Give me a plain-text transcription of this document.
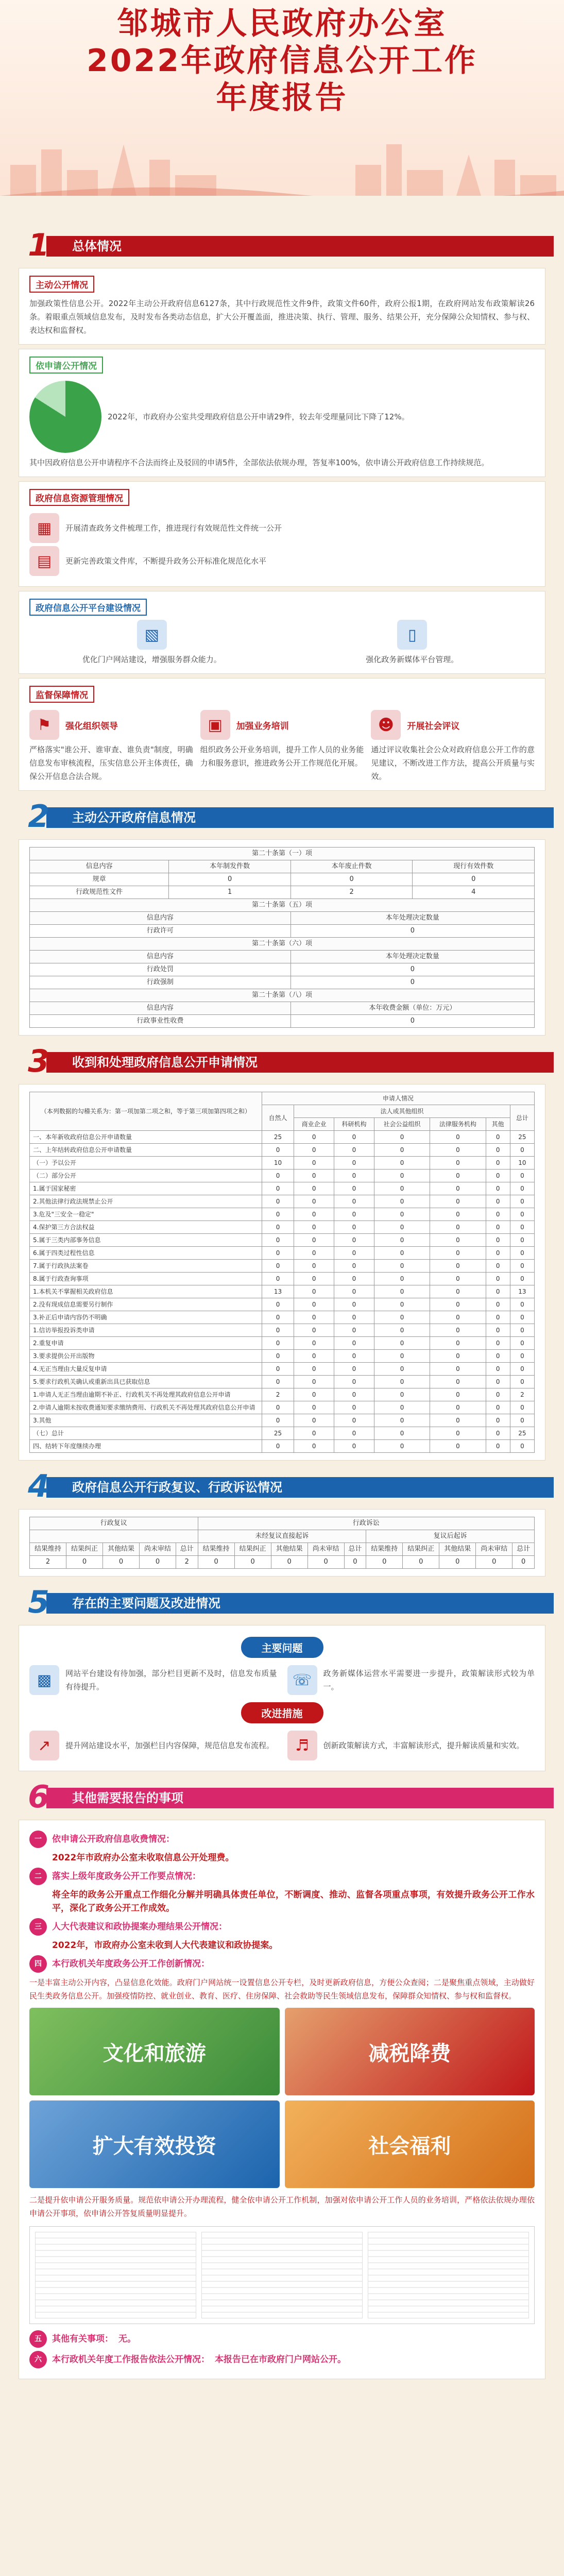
邹城市人民政府办公室
2022年政府信息公开工作
年度报告
总体情况
1
主动公开情况
加强政策性信息公开。2022年主动公开政府信息6127条，其中行政规范性文件9件，政策文件60件，政府公报1期，在政府网站发布政策解读26条。着眼重点领域信息发布，及时发布各类动态信息，扩大公开覆盖面，推进决策、执行、管理、服务、结果公开，充分保障公众知情权、参与权、表达权和监督权。
依申请公开情况
2022年，市政府办公室共受理政府信息公开申请29件，较去年受理量同比下降了12%。
其中因政府信息公开申请程序不合法而终止及驳回的申请5件，全部依法依规办理，答复率100%，依申请公开政府信息工作持续规范。
政府信息资源管理情况
▦	开展清查政务文件梳理工作，推进现行有效规范性文件统一公开
▤	更新完善政策文件库，不断提升政务公开标准化规范化水平
政府信息公开平台建设情况
▧
优化门户网站建设，增强服务群众能力。
▯
强化政务新媒体平台管理。
监督保障情况
⚑	强化组织领导
严格落实"谁公开、谁审查、谁负责"制度，明确信息发布审核流程，压实信息公开主体责任，确保公开信息合法合规。
▣	加强业务培训
组织政务公开业务培训，提升工作人员的业务能力和服务意识，推进政务公开工作规范化开展。
☻	开展社会评议
通过评议收集社会公众对政府信息公开工作的意见建议，不断改进工作方法，提高公开质量与实效。
主动公开政府信息情况
2
第二十条第（一）项			
信息内容	本年制发件数	本年废止件数	现行有效件数
规章	0	0	0
行政规范性文件	1	2	4
第二十条第（五）项			
信息内容		本年处理决定数量	
行政许可		0	
第二十条第（六）项			
信息内容		本年处理决定数量	
行政处罚		0	
行政强制		0	
第二十条第（八）项			
信息内容		本年收费金额（单位：万元）	
行政事业性收费		0	
收到和处理政府信息公开申请情况
3
（本列数据的勾稽关系为：第一项加第二项之和，等于第三项加第四项之和）	申请人情况						
	自然人	法人或其他组织					总计
		商业企业	科研机构	社会公益组织	法律服务机构	其他	
一、本年新收政府信息公开申请数量	25	0	0	0	0	0	25
二、上年结转政府信息公开申请数量	0	0	0	0	0	0	0
（一）予以公开	10	0	0	0	0	0	10
（二）部分公开	0	0	0	0	0	0	0
1.属于国家秘密	0	0	0	0	0	0	0
2.其他法律行政法规禁止公开	0	0	0	0	0	0	0
3.危及"三安全一稳定"	0	0	0	0	0	0	0
4.保护第三方合法权益	0	0	0	0	0	0	0
5.属于三类内部事务信息	0	0	0	0	0	0	0
6.属于四类过程性信息	0	0	0	0	0	0	0
7.属于行政执法案卷	0	0	0	0	0	0	0
8.属于行政查询事项	0	0	0	0	0	0	0
1.本机关不掌握相关政府信息	13	0	0	0	0	0	13
2.没有现成信息需要另行制作	0	0	0	0	0	0	0
3.补正后申请内容仍不明确	0	0	0	0	0	0	0
1.信访举报投诉类申请	0	0	0	0	0	0	0
2.重复申请	0	0	0	0	0	0	0
3.要求提供公开出版物	0	0	0	0	0	0	0
4.无正当理由大量反复申请	0	0	0	0	0	0	0
5.要求行政机关确认或重新出具已获取信息	0	0	0	0	0	0	0
1.申请人无正当理由逾期不补正、行政机关不再处理其政府信息公开申请	2	0	0	0	0	0	2
2.申请人逾期未按收费通知要求缴纳费用、行政机关不再处理其政府信息公开申请	0	0	0	0	0	0	0
3.其他	0	0	0	0	0	0	0
（七）总计	25	0	0	0	0	0	25
四、结转下年度继续办理	0	0	0	0	0	0	0
政府信息公开行政复议、行政诉讼情况
4
行政复议					行政诉讼									
					未经复议直接起诉					复议后起诉				
结果维持	结果纠正	其他结果	尚未审结	总计	结果维持	结果纠正	其他结果	尚未审结	总计	结果维持	结果纠正	其他结果	尚未审结	总计
2	0	0	0	2	0	0	0	0	0	0	0	0	0	0
存在的主要问题及改进情况
5
主要问题
▩	网站平台建设有待加强，部分栏目更新不及时，信息发布质量有待提升。	☏	政务新媒体运营水平需要进一步提升，政策解读形式较为单一。
改进措施
↗	提升网站建设水平，加强栏目内容保障，规范信息发布流程。	♬	创新政策解读方式，丰富解读形式，提升解读质量和实效。
其他需要报告的事项
6
一	依申请公开政府信息收费情况：
2022年市政府办公室未收取信息公开处理费。
二	落实上级年度政务公开工作要点情况：
将全年的政务公开重点工作细化分解并明确具体责任单位，不断调度、推动、监督各项重点事项，有效提升政务公开工作水平，深化了政务公开工作成效。
三	人大代表建议和政协提案办理结果公开情况：
2022年，市政府办公室未收到人大代表建议和政协提案。
四	本行政机关年度政务公开工作创新情况：
一是丰富主动公开内容，凸显信息化效能。政府门户网站统一设置信息公开专栏，及时更新政府信息，方便公众查阅；二是聚焦重点领域，主动做好民生类政务信息公开。加强疫情防控、就业创业、教育、医疗、住房保障、社会救助等民生领域信息发布，保障群众知情权、参与权和监督权。
文化和旅游	减税降费
扩大有效投资	社会福利
二是提升依申请公开服务质量。规范依申请公开办理流程，健全依申请公开工作机制，加强对依申请公开工作人员的业务培训，严格依法依规办理依申请公开事项，依申请公开答复质量明显提升。
五	其他有关事项： 无。
六	本行政机关年度工作报告依法公开情况： 本报告已在市政府门户网站公开。
